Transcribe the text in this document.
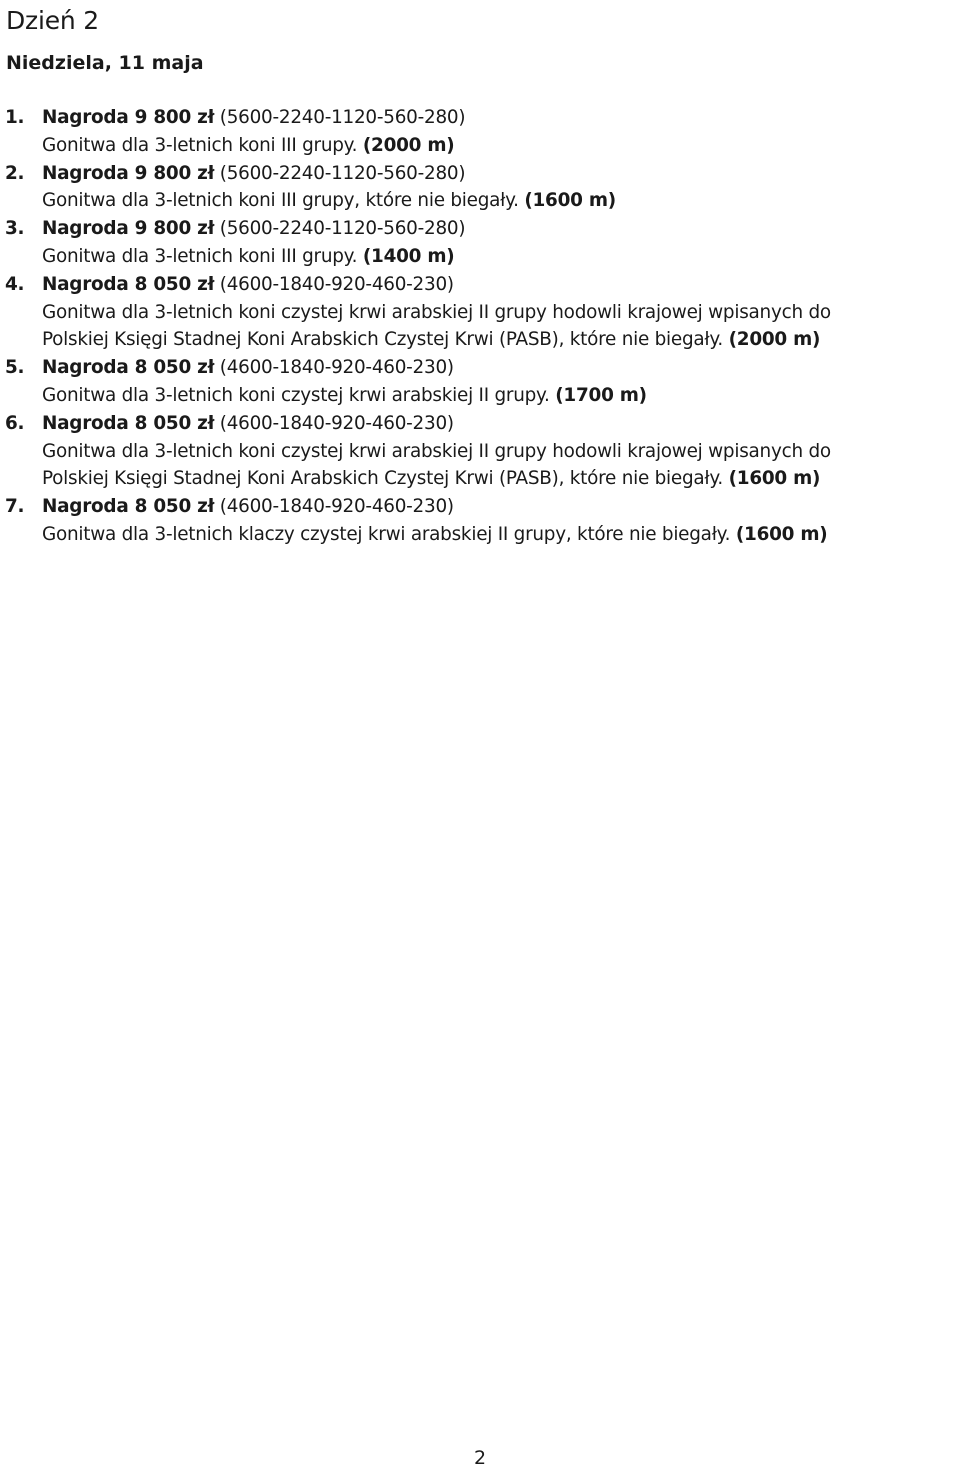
Dzień 2
Niedziela, 11 maja
1. Nagroda 9 800 zł (5600-2240-1120-560-280)
Gonitwa dla 3-letnich koni III grupy. (2000 m)
2. Nagroda 9 800 zł (5600-2240-1120-560-280)
Gonitwa dla 3-letnich koni III grupy, które nie biegały. (1600 m)
3. Nagroda 9 800 zł (5600-2240-1120-560-280)
Gonitwa dla 3-letnich koni III grupy. (1400 m)
4. Nagroda 8 050 zł (4600-1840-920-460-230)
Gonitwa dla 3-letnich koni czystej krwi arabskiej II grupy hodowli krajowej wpisanych do
Polskiej Księgi Stadnej Koni Arabskich Czystej Krwi (PASB), które nie biegały. (2000 m)
5. Nagroda 8 050 zł (4600-1840-920-460-230)
Gonitwa dla 3-letnich koni czystej krwi arabskiej II grupy. (1700 m)
6. Nagroda 8 050 zł (4600-1840-920-460-230)
Gonitwa dla 3-letnich koni czystej krwi arabskiej II grupy hodowli krajowej wpisanych do
Polskiej Księgi Stadnej Koni Arabskich Czystej Krwi (PASB), które nie biegały. (1600 m)
7. Nagroda 8 050 zł (4600-1840-920-460-230)
Gonitwa dla 3-letnich klaczy czystej krwi arabskiej II grupy, które nie biegały. (1600 m)

2
